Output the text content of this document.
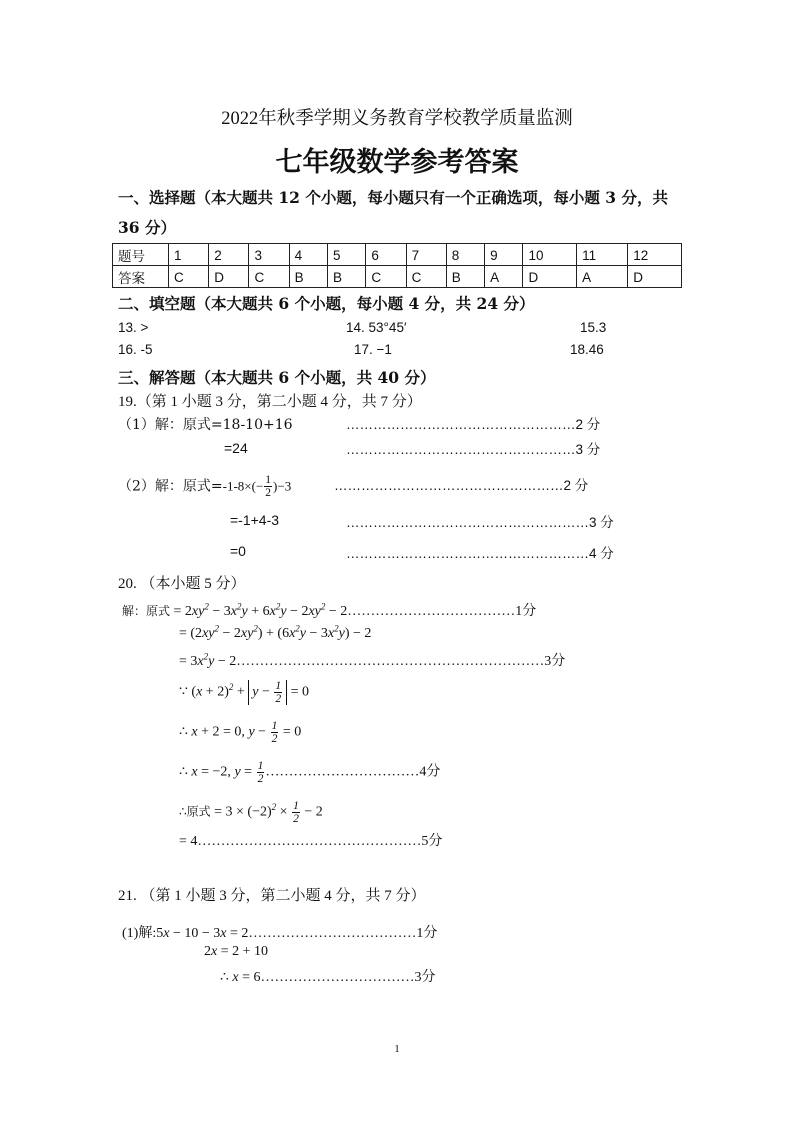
2022年秋季学期义务教育学校教学质量监测
七年级数学参考答案
一、选择题（本大题共 12 个小题，每小题只有一个正确选项，每小题 3 分，共
36 分）
题号	1	2	3	4	5	6	7	8	9	10	11	12
答案	C	D	C	B	B	C	C	B	A	D	A	D
二、填空题（本大题共 6 个小题，每小题 4 分，共 24 分）
13. >	14. 53°45′	15.3
16. -5	17. −1	18.46
三、解答题（本大题共 6 个小题，共 40 分）
19.（第 1 小题 3 分，第二小题 4 分，共 7 分）
（1）解：原式=18-10+16	……………………………………………2 分
=24	……………………………………………3 分
（2）解：原式$=-1-8\times(- \frac{1}{2} )-3$	……………………………………………2 分
=-1+4-3	………………………………………………3 分
=0	………………………………………………4 分
20. （本小题 5 分）
解：原式 = $2xy^2 - 3x^2y + 6x^2y - 2xy^2$ − 2………………………………1分
= $(2xy^2 - 2xy^2) + (6x^2y - 3x^2y) - 2$
= $3x^2y$ − 2…………………………………………………………3分
∵ $(x + 2)^2 + y - \frac{1}{2} = 0$
∴ x + 2 = 0, $y - \frac{1}{2} = 0$
∴ x = −2, $y = \frac{1}{2}$ ……………………………4分
∴原式 = $3 \times (-2)^2 \times \frac{1}{2} - 2$
= 4…………………………………………5分
21. （第 1 小题 3 分，第二小题 4 分，共 7 分）
(1)解:5x − 10 − 3x = 2………………………………1分
2x = 2 + 10
∴ x = 6……………………………3分
1
